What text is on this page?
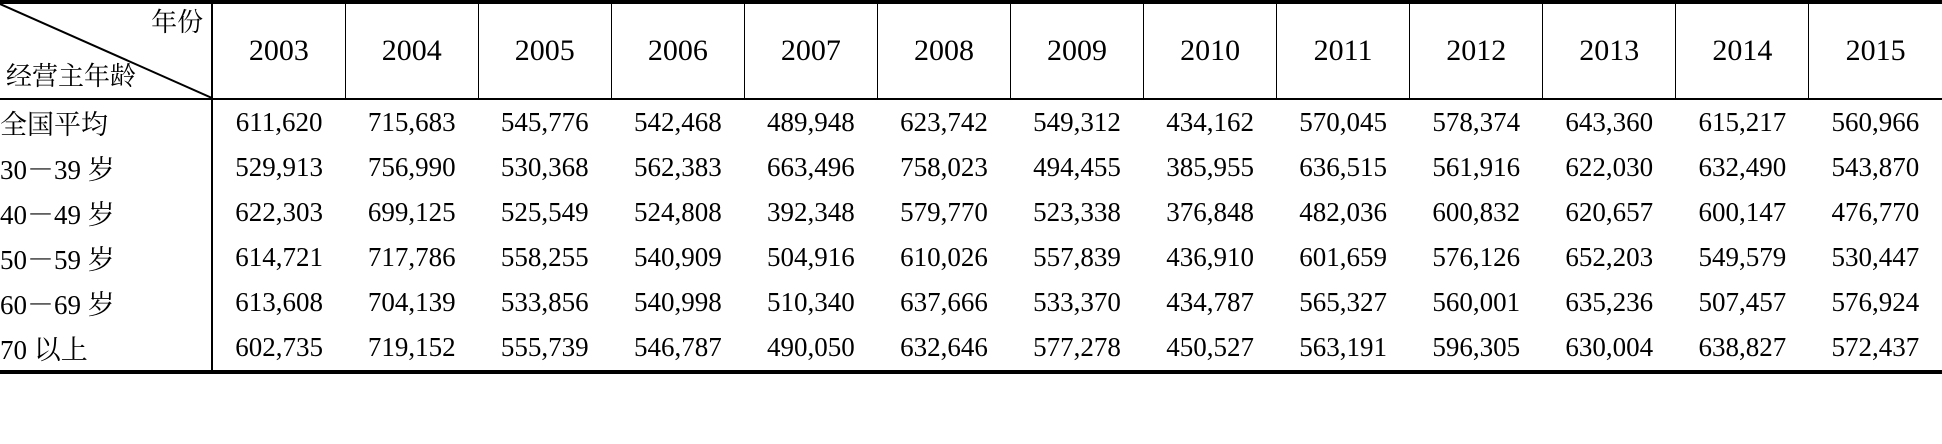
年份
经营主年龄
	2003	2004	2005	2006	2007	2008	2009	2010	2011	2012	2013	2014	2015
全国平均	611,620	715,683	545,776	542,468	489,948	623,742	549,312	434,162	570,045	578,374	643,360	615,217	560,966
30－39 岁	529,913	756,990	530,368	562,383	663,496	758,023	494,455	385,955	636,515	561,916	622,030	632,490	543,870
40－49 岁	622,303	699,125	525,549	524,808	392,348	579,770	523,338	376,848	482,036	600,832	620,657	600,147	476,770
50－59 岁	614,721	717,786	558,255	540,909	504,916	610,026	557,839	436,910	601,659	576,126	652,203	549,579	530,447
60－69 岁	613,608	704,139	533,856	540,998	510,340	637,666	533,370	434,787	565,327	560,001	635,236	507,457	576,924
70 以上	602,735	719,152	555,739	546,787	490,050	632,646	577,278	450,527	563,191	596,305	630,004	638,827	572,437
